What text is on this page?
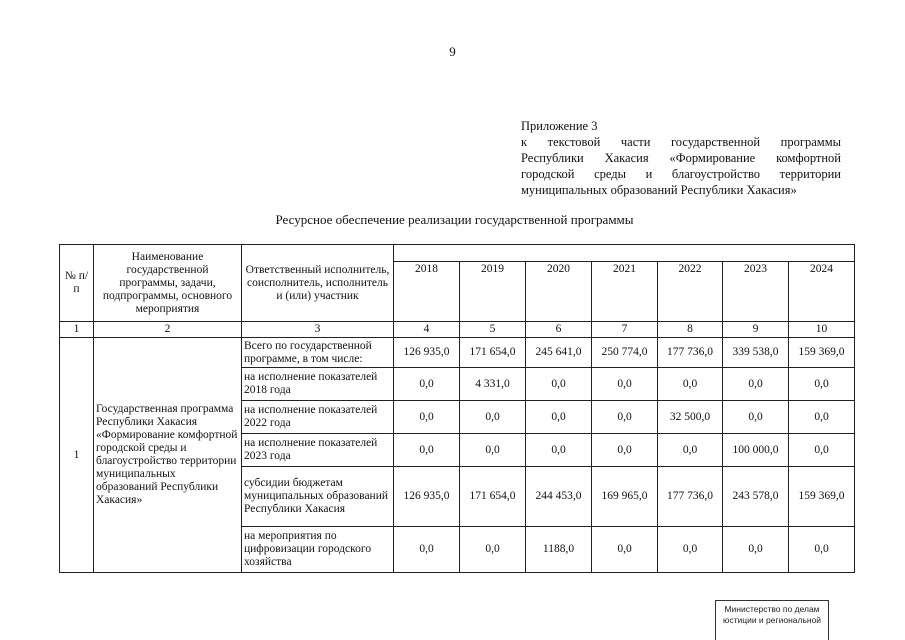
9
Приложение 3
к текстовой части государственной программы
Республики Хакасия «Формирование комфортной
городской среды и благоустройство территории
муниципальных образований Республики Хакасия»
Ресурсное обеспечение реализации государственной программы
№ п/п	Наименование государственной программы, задачи, подпрограммы, основного мероприятия	Ответственный исполнитель, соисполнитель, исполнитель и (или) участник							
			2018	2019	2020	2021	2022	2023	2024
1	2	3	4	5	6	7	8	9	10
1	Государственная программа Республики Хакасия «Формирование комфортной городской среды и благоустройство территории муниципальных образований Республики Хакасия»	Всего по государственной программе, в том числе:	126 935,0	171 654,0	245 641,0	250 774,0	177 736,0	339 538,0	159 369,0
		на исполнение показателей 2018 года	0,0	4 331,0	0,0	0,0	0,0	0,0	0,0
		на исполнение показателей 2022 года	0,0	0,0	0,0	0,0	32 500,0	0,0	0,0
		на исполнение показателей 2023 года	0,0	0,0	0,0	0,0	0,0	100 000,0	0,0
		субсидии бюджетам муниципальных образований Республики Хакасия	126 935,0	171 654,0	244 453,0	169 965,0	177 736,0	243 578,0	159 369,0
		на мероприятия по цифровизации городского хозяйства	0,0	0,0	1188,0	0,0	0,0	0,0	0,0
Министерство по делам
юстиции и региональной
